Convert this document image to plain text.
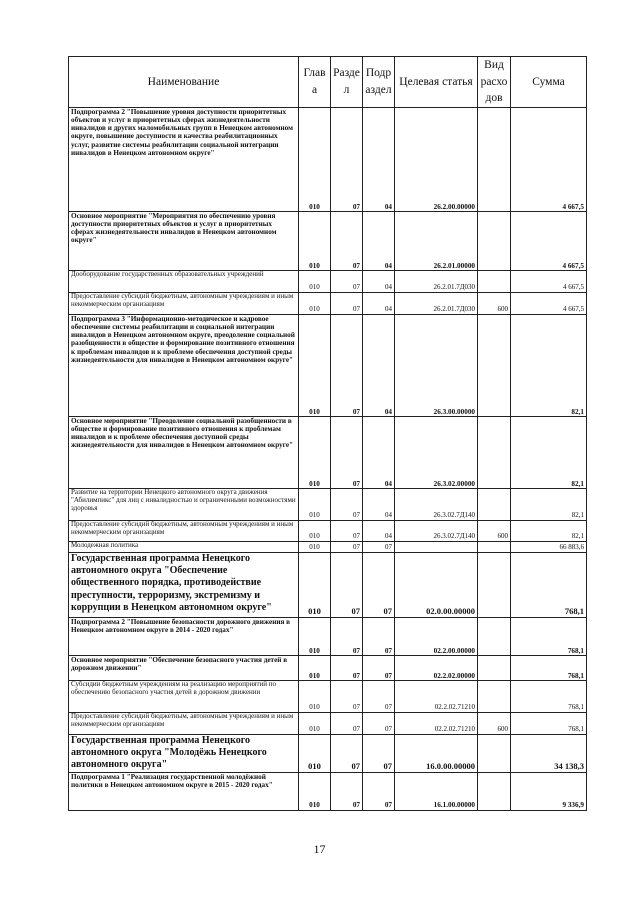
Наименование	Глав а	Разде л	Подр аздел	Целевая статья	Вид расхо дов	Сумма
Подпрограмма 2 "Повышение уровня доступности приоритетных объектов и услуг в приоритетных сферах жизнедеятельности инвалидов и других маломобильных групп в Ненецком автономном округе, повышение доступности и качества реабилитационных услуг, развитие системы реабилитации социальной интеграции инвалидов в Ненецком автономном округе"	010	07	04	26.2.00.00000		4 667,5
Основное мероприятие "Мероприятия по обеспечению уровня доступности приоритетных объектов и услуг в приоритетных сферах жизнедеятельности инвалидов в Ненецком автономном округе"	010	07	04	26.2.01.00000		4 667,5
Дооборудование государственных образовательных учреждений	010	07	04	26.2.01.7Д030		4 667,5
Предоставление субсидий бюджетным, автономным учреждениям и иным некоммерческим организациям	010	07	04	26.2.01.7Д030	600	4 667,5
Подпрограмма 3 "Информационно-методическое и кадровое обеспечение системы реабилитации и социальной интеграции инвалидов в Ненецком автономном округе, преодоление социальной разобщенности в обществе и формирование позитивного отношения к проблемам инвалидов и к проблеме обеспечения доступной среды жизнедеятельности для инвалидов в Ненецком автономном округе"	010	07	04	26.3.00.00000		82,1
Основное мероприятие "Преодоление социальной разобщенности в обществе и формирование позитивного отношения к проблемам инвалидов и к проблеме обеспечения доступной среды жизнедеятельности для инвалидов в Ненецком автономном округе"	010	07	04	26.3.02.00000		82,1
Развитие на территории Ненецкого автономного округа движения "Абилимпикс" для лиц с инвалидностью и ограниченными возможностями здоровья	010	07	04	26.3.02.7Д140		82,1
Предоставление субсидий бюджетным, автономным учреждениям и иным некоммерческим организациям	010	07	04	26.3.02.7Д140	600	82,1
Молодежная политика	010	07	07			66 883,6
Государственная программа Ненецкого автономного округа "Обеспечение общественного порядка, противодействие преступности, терроризму, экстремизму и коррупции в Ненецком автономном округе"	010	07	07	02.0.00.00000		768,1
Подпрограмма 2 "Повышение безопасности дорожного движения в Ненецком автономном округе в 2014 - 2020 годах"	010	07	07	02.2.00.00000		768,1
Основное мероприятие "Обеспечение безопасного участия детей в дорожном движении"	010	07	07	02.2.02.00000		768,1
Субсидии бюджетным учреждениям на реализацию мероприятий по обеспечению безопасного участия детей в дорожном движении	010	07	07	02.2.02.71210		768,1
Предоставление субсидий бюджетным, автономным учреждениям и иным некоммерческим организациям	010	07	07	02.2.02.71210	600	768,1
Государственная программа Ненецкого автономного округа "Молодёжь Ненецкого автономного округа"	010	07	07	16.0.00.00000		34 138,3
Подпрограмма 1 "Реализация государственной молодёжной политики в Ненецком автономном округе в 2015 - 2020 годах"	010	07	07	16.1.00.00000		9 336,9
17
